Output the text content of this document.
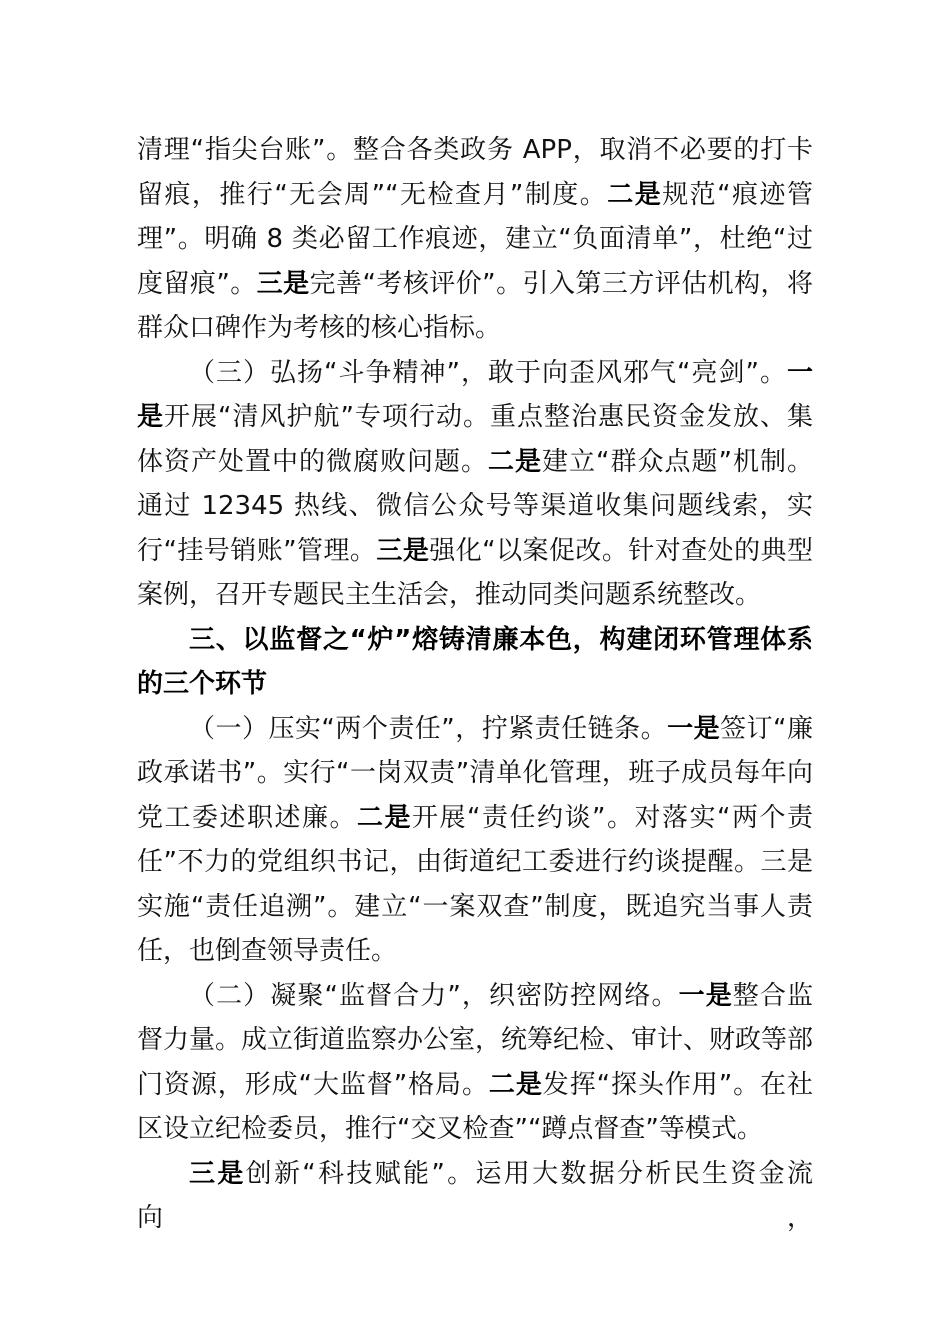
清理“指尖台账”。整合各类政务 APP，取消不必要的打卡留痕，推行“无会周”“无检查月”制度。二是规范“痕迹管理”。明确 8 类必留工作痕迹，建立“负面清单”，杜绝“过度留痕”。三是完善“考核评价”。引入第三方评估机构，将群众口碑作为考核的核心指标。

（三）弘扬“斗争精神”，敢于向歪风邪气“亮剑”。一是开展“清风护航”专项行动。重点整治惠民资金发放、集体资产处置中的微腐败问题。二是建立“群众点题”机制。通过 12345 热线、微信公众号等渠道收集问题线索，实行“挂号销账”管理。三是强化“以案促改。针对查处的典型案例，召开专题民主生活会，推动同类问题系统整改。

三、以监督之“炉”熔铸清廉本色，构建闭环管理体系的三个环节

（一）压实“两个责任”，拧紧责任链条。一是签订“廉政承诺书”。实行“一岗双责”清单化管理，班子成员每年向党工委述职述廉。二是开展“责任约谈”。对落实“两个责任”不力的党组织书记，由街道纪工委进行约谈提醒。三是实施“责任追溯”。建立“一案双查”制度，既追究当事人责任，也倒查领导责任。

（二）凝聚“监督合力”，织密防控网络。一是整合监督力量。成立街道监察办公室，统筹纪检、审计、财政等部门资源，形成“大监督”格局。二是发挥“探头作用”。在社区设立纪检委员，推行“交叉检查”“蹲点督查”等模式。

三是创新“科技赋能”。运用大数据分析民生资金流向，
